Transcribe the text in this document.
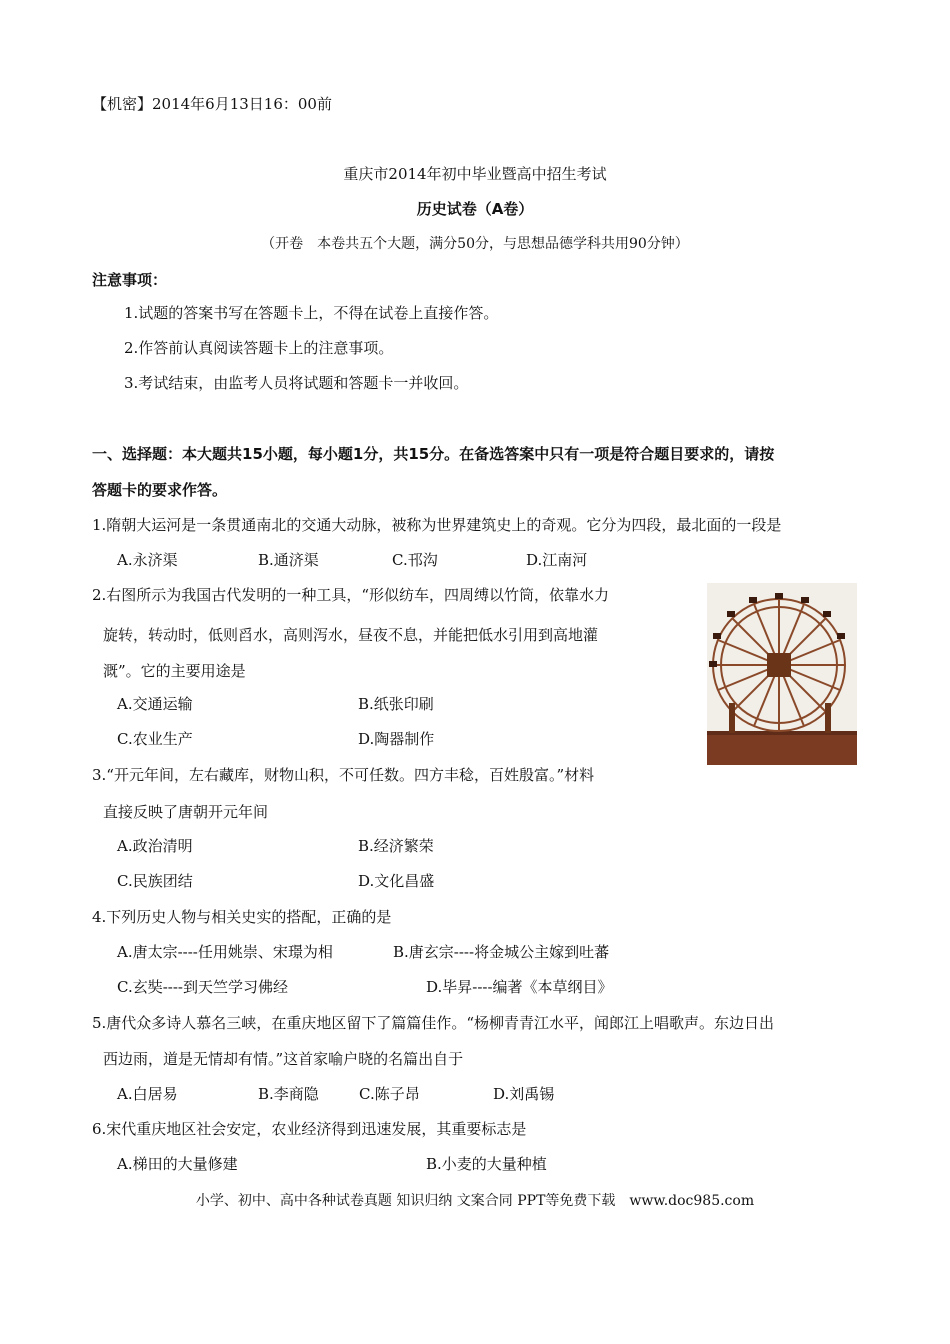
【机密】2014年6月13日16：00前
重庆市2014年初中毕业暨高中招生考试
历史试卷（A卷）
（开卷　本卷共五个大题，满分50分，与思想品德学科共用90分钟）
注意事项：
1.试题的答案书写在答题卡上，不得在试卷上直接作答。
2.作答前认真阅读答题卡上的注意事项。
3.考试结束，由监考人员将试题和答题卡一并收回。
一、选择题：本大题共15小题，每小题1分，共15分。在备选答案中只有一项是符合题目要求的，请按
答题卡的要求作答。
1.隋朝大运河是一条贯通南北的交通大动脉，被称为世界建筑史上的奇观。它分为四段，最北面的一段是
A.永济渠	B.通济渠	C.邗沟	D.江南河
2.右图所示为我国古代发明的一种工具，“形似纺车，四周缚以竹筒，依靠水力
旋转，转动时，低则舀水，高则泻水，昼夜不息，并能把低水引用到高地灌
溉”。它的主要用途是
A.交通运输	B.纸张印刷
C.农业生产	D.陶器制作
3.“开元年间，左右藏库，财物山积，不可任数。四方丰稔，百姓殷富。”材料
直接反映了唐朝开元年间
A.政治清明	B.经济繁荣
C.民族团结	D.文化昌盛
4.下列历史人物与相关史实的搭配，正确的是
A.唐太宗----任用姚崇、宋璟为相	B.唐玄宗----将金城公主嫁到吐蕃
C.玄奘----到天竺学习佛经	D.毕昇----编著《本草纲目》
5.唐代众多诗人慕名三峡，在重庆地区留下了篇篇佳作。“杨柳青青江水平，闻郎江上唱歌声。东边日出
西边雨，道是无情却有情。”这首家喻户晓的名篇出自于
A.白居易	B.李商隐	C.陈子昂	D.刘禹锡
6.宋代重庆地区社会安定，农业经济得到迅速发展，其重要标志是
A.梯田的大量修建	B.小麦的大量种植
小学、初中、高中各种试卷真题 知识归纳 文案合同 PPT等免费下载　www.doc985.com
